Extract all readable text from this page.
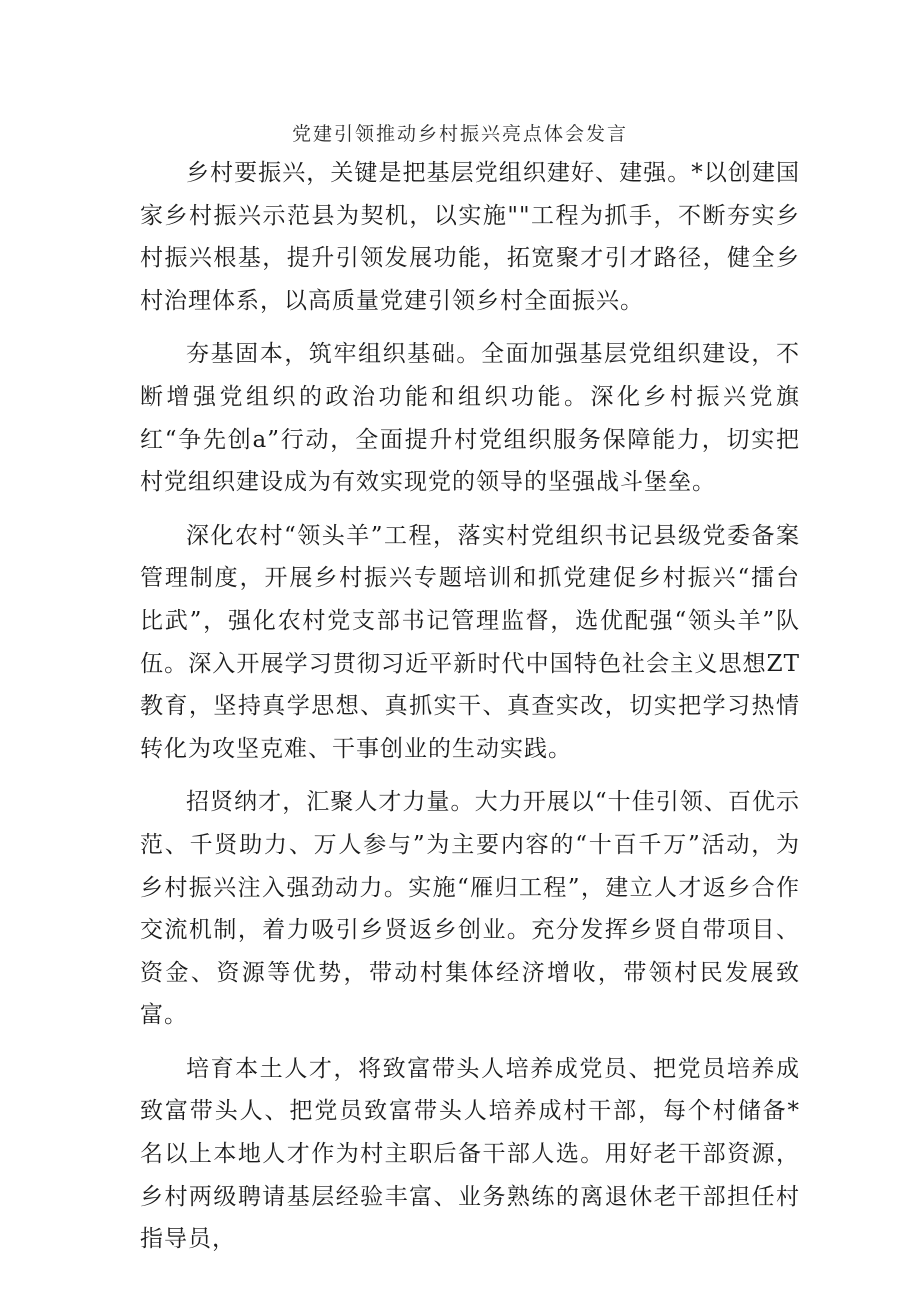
党建引领推动乡村振兴亮点体会发言

乡村要振兴，关键是把基层党组织建好、建强。*以创建国家乡村振兴示范县为契机，以实施""工程为抓手，不断夯实乡村振兴根基，提升引领发展功能，拓宽聚才引才路径，健全乡村治理体系，以高质量党建引领乡村全面振兴。

夯基固本，筑牢组织基础。全面加强基层党组织建设，不断增强党组织的政治功能和组织功能。深化乡村振兴党旗红“争先创a”行动，全面提升村党组织服务保障能力，切实把村党组织建设成为有效实现党的领导的坚强战斗堡垒。

深化农村“领头羊”工程，落实村党组织书记县级党委备案管理制度，开展乡村振兴专题培训和抓党建促乡村振兴“擂台比武”，强化农村党支部书记管理监督，选优配强“领头羊”队伍。深入开展学习贯彻习近平新时代中国特色社会主义思想ZT教育，坚持真学思想、真抓实干、真查实改，切实把学习热情转化为攻坚克难、干事创业的生动实践。

招贤纳才，汇聚人才力量。大力开展以“十佳引领、百优示范、千贤助力、万人参与”为主要内容的“十百千万”活动，为乡村振兴注入强劲动力。实施“雁归工程”，建立人才返乡合作交流机制，着力吸引乡贤返乡创业。充分发挥乡贤自带项目、资金、资源等优势，带动村集体经济增收，带领村民发展致富。

培育本土人才，将致富带头人培养成党员、把党员培养成致富带头人、把党员致富带头人培养成村干部，每个村储备*名以上本地人才作为村主职后备干部人选。用好老干部资源，乡村两级聘请基层经验丰富、业务熟练的离退休老干部担任村指导员，
